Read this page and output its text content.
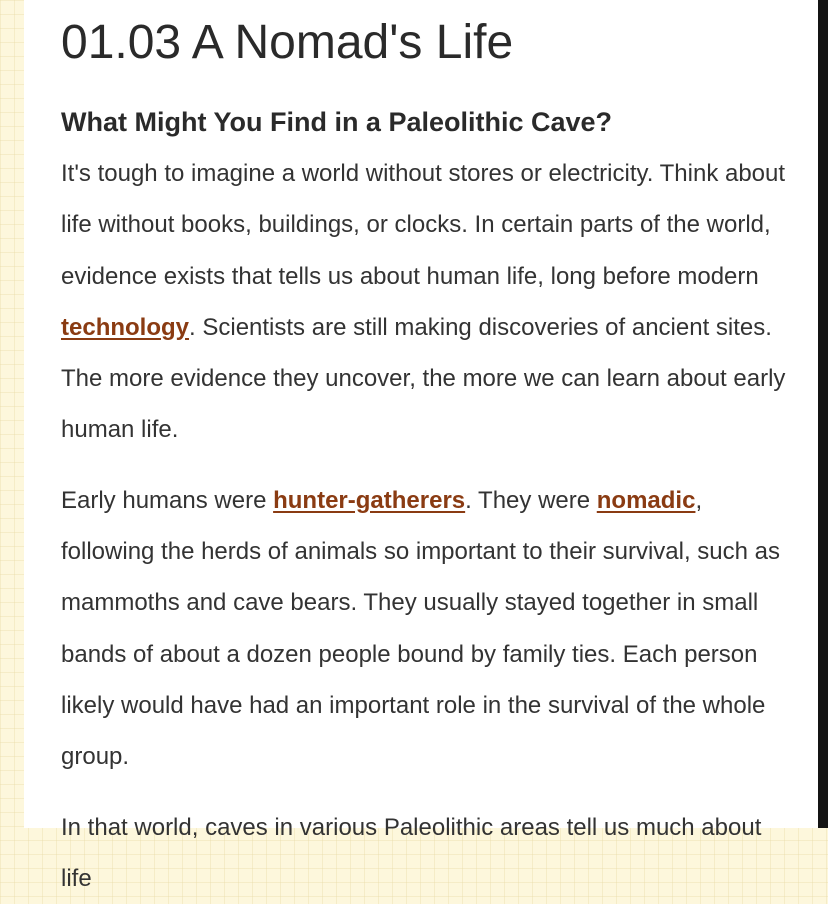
01.03 A Nomad's Life
What Might You Find in a Paleolithic Cave?

It's tough to imagine a world without stores or electricity. Think about life without books, buildings, or clocks. In certain parts of the world, evidence exists that tells us about human life, long before modern technology. Scientists are still making discoveries of ancient sites. The more evidence they uncover, the more we can learn about early human life.

Early humans were hunter-gatherers. They were nomadic, following the herds of animals so important to their survival, such as mammoths and cave bears. They usually stayed together in small bands of about a dozen people bound by family ties. Each person likely would have had an important role in the survival of the whole group.

In that world, caves in various Paleolithic areas tell us much about life
